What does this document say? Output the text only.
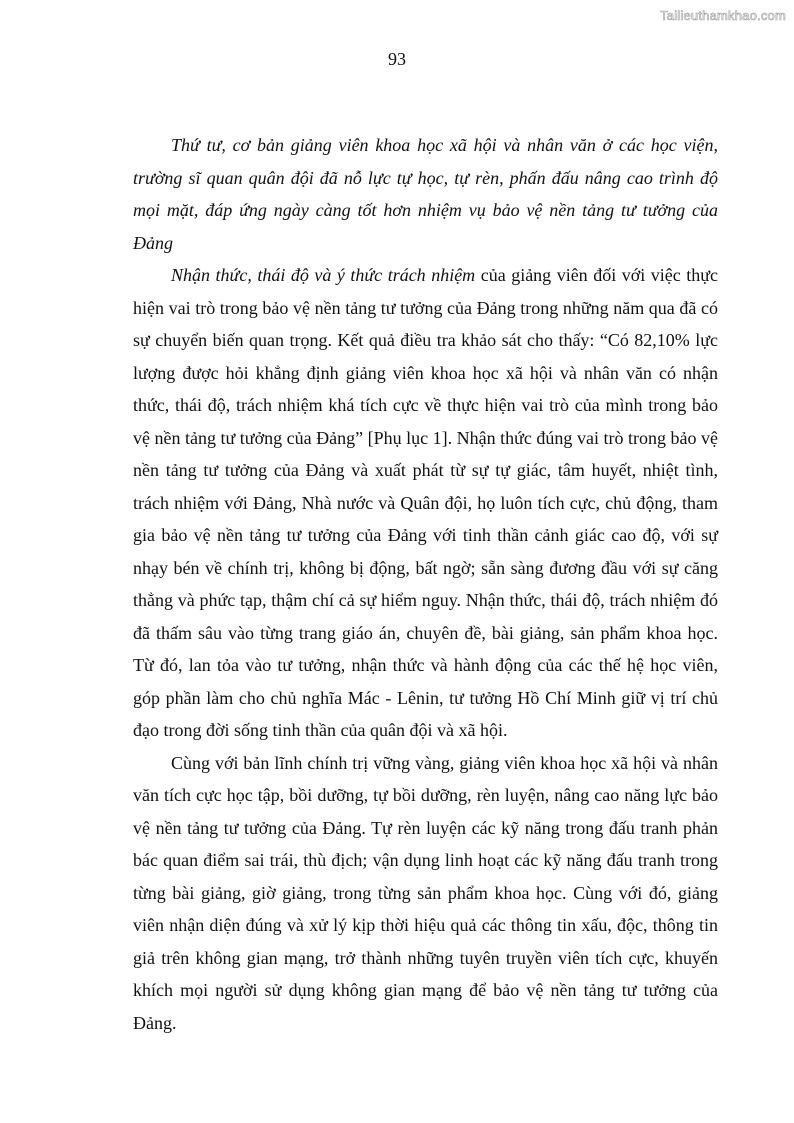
Tailieuthamkhao.com
93

Thứ tư, cơ bản giảng viên khoa học xã hội và nhân văn ở các học viện, trường sĩ quan quân đội đã nỗ lực tự học, tự rèn, phấn đấu nâng cao trình độ mọi mặt, đáp ứng ngày càng tốt hơn nhiệm vụ bảo vệ nền tảng tư tưởng của Đảng

Nhận thức, thái độ và ý thức trách nhiệm của giảng viên đối với việc thực hiện vai trò trong bảo vệ nền tảng tư tưởng của Đảng trong những năm qua đã có sự chuyển biến quan trọng. Kết quả điều tra khảo sát cho thấy: “Có 82,10% lực lượng được hỏi khẳng định giảng viên khoa học xã hội và nhân văn có nhận thức, thái độ, trách nhiệm khá tích cực về thực hiện vai trò của mình trong bảo vệ nền tảng tư tưởng của Đảng” [Phụ lục 1]. Nhận thức đúng vai trò trong bảo vệ nền tảng tư tưởng của Đảng và xuất phát từ sự tự giác, tâm huyết, nhiệt tình, trách nhiệm với Đảng, Nhà nước và Quân đội, họ luôn tích cực, chủ động, tham gia bảo vệ nền tảng tư tưởng của Đảng với tinh thần cảnh giác cao độ, với sự nhạy bén về chính trị, không bị động, bất ngờ; sẵn sàng đương đầu với sự căng thẳng và phức tạp, thậm chí cả sự hiểm nguy. Nhận thức, thái độ, trách nhiệm đó đã thấm sâu vào từng trang giáo án, chuyên đề, bài giảng, sản phẩm khoa học. Từ đó, lan tỏa vào tư tưởng, nhận thức và hành động của các thế hệ học viên, góp phần làm cho chủ nghĩa Mác - Lênin, tư tưởng Hồ Chí Minh giữ vị trí chủ đạo trong đời sống tinh thần của quân đội và xã hội.

Cùng với bản lĩnh chính trị vững vàng, giảng viên khoa học xã hội và nhân văn tích cực học tập, bồi dưỡng, tự bồi dưỡng, rèn luyện, nâng cao năng lực bảo vệ nền tảng tư tưởng của Đảng. Tự rèn luyện các kỹ năng trong đấu tranh phản bác quan điểm sai trái, thù địch; vận dụng linh hoạt các kỹ năng đấu tranh trong từng bài giảng, giờ giảng, trong từng sản phẩm khoa học. Cùng với đó, giảng viên nhận diện đúng và xử lý kịp thời hiệu quả các thông tin xấu, độc, thông tin giả trên không gian mạng, trở thành những tuyên truyền viên tích cực, khuyến khích mọi người sử dụng không gian mạng để bảo vệ nền tảng tư tưởng của Đảng.
